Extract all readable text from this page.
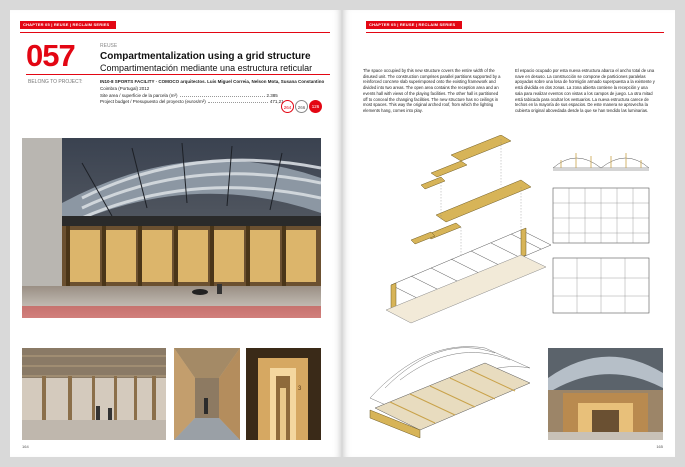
CHAPTER 05 | REUSE | RECLAIM SERIES
057	REUSE
Compartmentalization using a grid structure
Compartimentación mediante una estructura reticular
BELONG TO PROJECT:	IN10-8 SPORTS FACILITY · COMOCO arquitectos. Luis Miguel Correia, Nelson Mota, Susana Constantino
Coimbra (Portugal) 2012
Site area / superficie de la parcela (m²)	2.385
Project budget / Presupuesto del proyecto (euros/m²)	471,21
264	266	126
3
164
CHAPTER 05 | REUSE | RECLAIM SERIES
The space occupied by this new structure covers the entire width of the disused unit. The construction comprises parallel partitions supported by a reinforced concrete slab superimposed onto the existing framework and divided into two areas. The open area contains the reception area and an events hall with views of the playing facilities. The other hall is partitioned off to conceal the changing facilities. The new structure has no ceilings in most spaces. This way the original arched roof, from which the lighting elements hang, comes into play.
El espacio ocupado por esta nueva estructura abarca el ancho total de una nave en desuso. La construcción se compone de particiones paralelas apoyadas sobre una losa de hormigón armado superpuesta a la existente y está dividida en dos zonas. La zona abierta contiene la recepción y una sala para realizar eventos con vistas a los campos de juego. La otra mitad está tabicada para ocultar los vestuarios. La nueva estructura carece de techos en la mayoría de sus espacios. De este manera se aprovecha la cubierta original abovedada desde la que se han tendido las luminarias.
165
